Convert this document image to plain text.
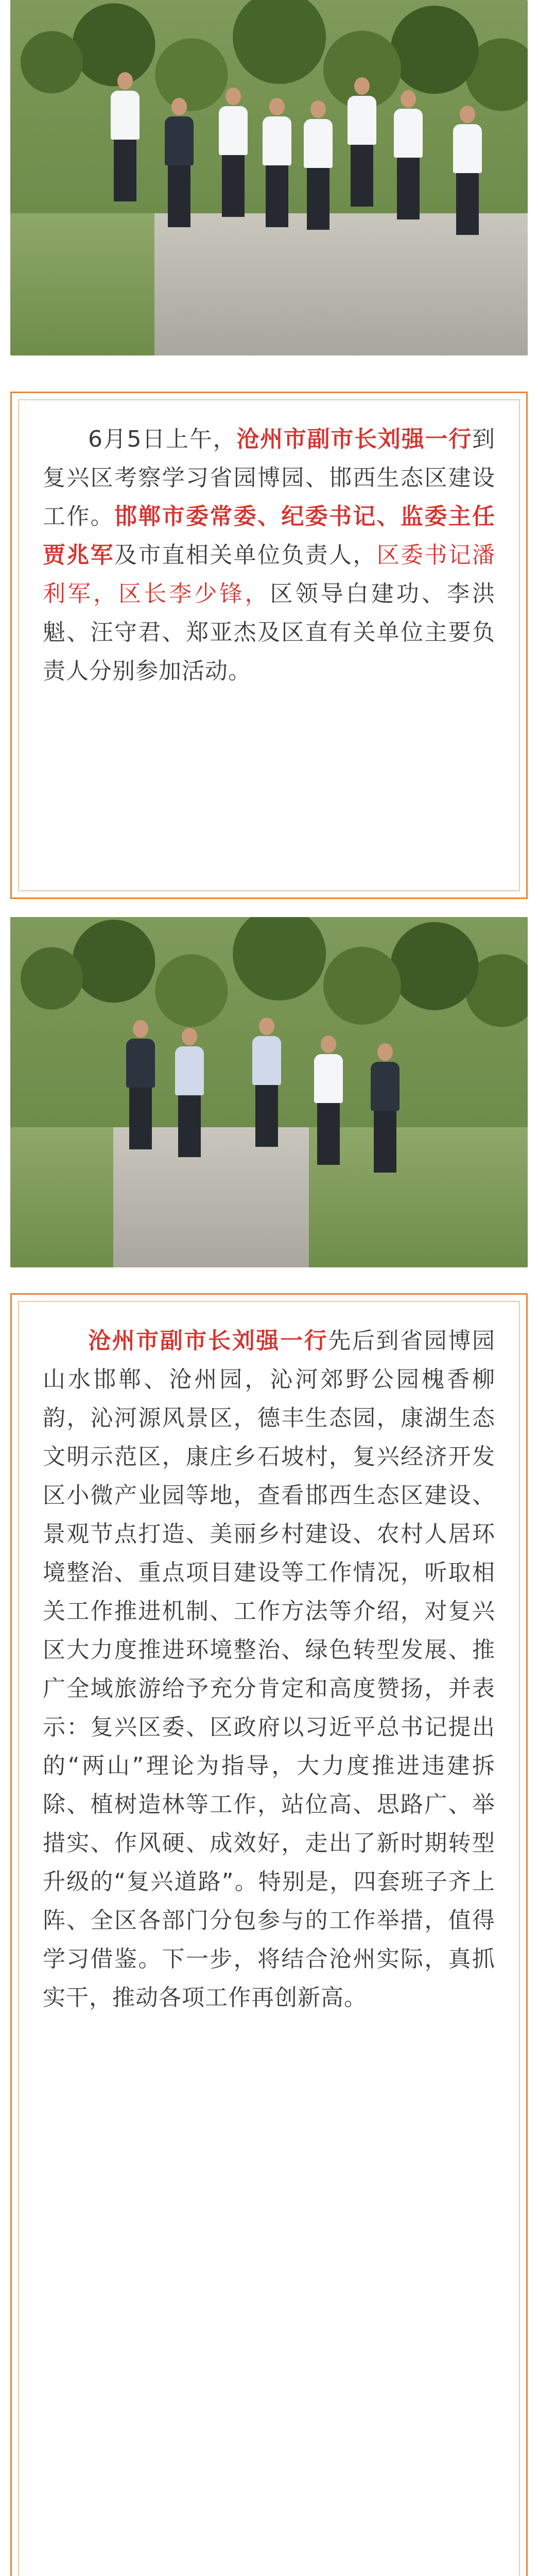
6月5日上午，沧州市副市长刘强一行到复兴区考察学习省园博园、邯西生态区建设工作。邯郸市委常委、纪委书记、监委主任贾兆军及市直相关单位负责人，区委书记潘利军，区长李少锋，区领导白建功、李洪魁、汪守君、郑亚杰及区直有关单位主要负责人分别参加活动。

沧州市副市长刘强一行先后到省园博园山水邯郸、沧州园，沁河郊野公园槐香柳韵，沁河源风景区，德丰生态园，康湖生态文明示范区，康庄乡石坡村，复兴经济开发区小微产业园等地，查看邯西生态区建设、景观节点打造、美丽乡村建设、农村人居环境整治、重点项目建设等工作情况，听取相关工作推进机制、工作方法等介绍，对复兴区大力度推进环境整治、绿色转型发展、推广全域旅游给予充分肯定和高度赞扬，并表示：复兴区委、区政府以习近平总书记提出的“两山”理论为指导，大力度推进违建拆除、植树造林等工作，站位高、思路广、举措实、作风硬、成效好，走出了新时期转型升级的“复兴道路”。特别是，四套班子齐上阵、全区各部门分包参与的工作举措，值得学习借鉴。下一步，将结合沧州实际，真抓实干，推动各项工作再创新高。
